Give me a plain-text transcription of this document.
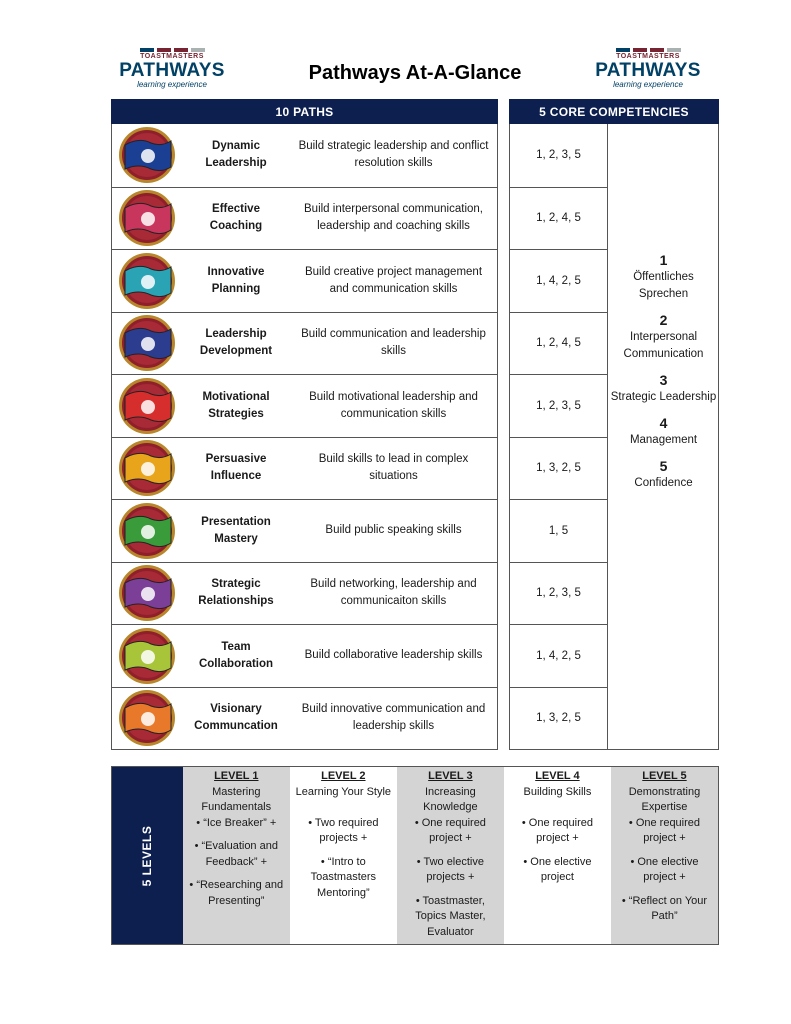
TOASTMASTERS
PATHWAYS
learning experience
Pathways At-A-Glance
TOASTMASTERS
PATHWAYS
learning experience
10 PATHS	5 CORE COMPETENCIES
Dynamic Leadership
Build strategic leadership and conflict resolution skills
Effective Coaching
Build interpersonal communication, leadership and coaching skills
Innovative Planning
Build creative project management and communication skills
Leadership Development
Build communication and leadership skills
Motivational Strategies
Build motivational leadership and communication skills
Persuasive Influence
Build skills to lead in complex situations
Presentation Mastery
Build public speaking skills
Strategic Relationships
Build networking, leadership and communicaiton skills
Team Collaboration
Build collaborative leadership skills
Visionary Communcation
Build innovative communication and leadership skills
1, 2, 3, 5
1, 2, 4, 5
1, 4, 2, 5
1, 2, 4, 5
1, 2, 3, 5
1, 3, 2, 5
1, 5
1, 2, 3, 5
1, 4, 2, 5
1, 3, 2, 5
1
Öffentliches Sprechen
2
Interpersonal Communication
3
Strategic Leadership
4
Management
5
Confidence
5 LEVELS
LEVEL 1
Mastering Fundamentals
• “Ice Breaker” +
• “Evaluation and Feedback” +
• “Researching and Presenting”
LEVEL 2
Learning Your Style
• Two required projects +
• “Intro to Toastmasters Mentoring”
LEVEL 3
Increasing Knowledge
• One required project +
• Two elective projects +
• Toastmaster, Topics Master, Evaluator
LEVEL 4
Building Skills
• One required project +
• One elective project
LEVEL 5
Demonstrating Expertise
• One required project +
• One elective project +
• “Reflect on Your Path”
